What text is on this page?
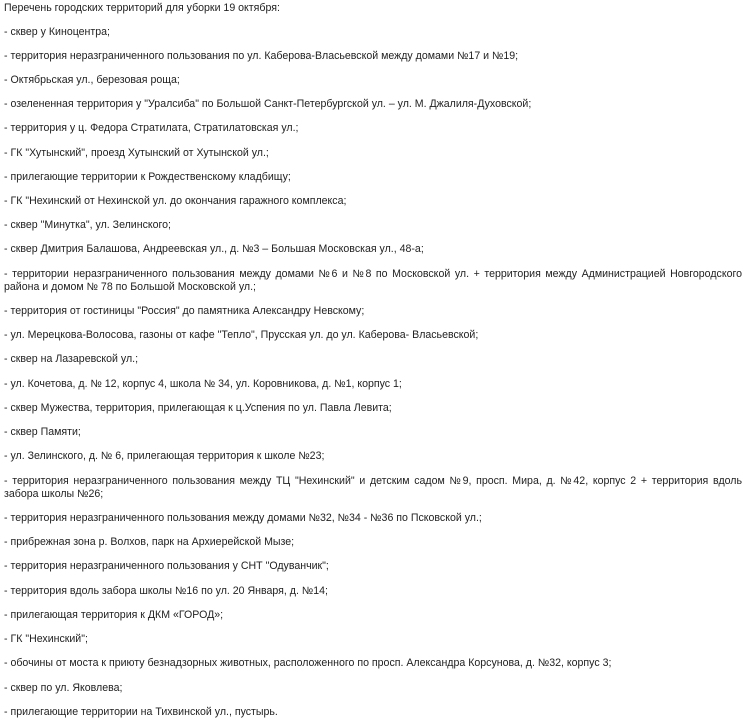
Перечень городских территорий для уборки 19 октября:
- сквер у Киноцентра;
- территория неразграниченного пользования по ул. Каберова-Власьевской между домами №17 и №19;
- Октябрьская ул., березовая роща;
- озелененная территория у "Уралсиба" по Большой Санкт-Петербургской ул. – ул. М. Джалиля-Духовской;
- территория у ц. Федора Стратилата, Стратилатовская ул.;
- ГК "Хутынский", проезд Хутынский от Хутынской ул.;
- прилегающие территории к Рождественскому кладбищу;
- ГК "Нехинский от Нехинской ул. до окончания гаражного комплекса;
- сквер "Минутка", ул. Зелинского;
- сквер Дмитрия Балашова, Андреевская ул., д. №3 – Большая Московская ул., 48-а;
- территории неразграниченного пользования между домами №6 и №8 по Московской ул. + территория между Администрацией Новгородского района и домом № 78 по Большой Московской ул.;
- территория от гостиницы "Россия" до памятника Александру Невскому;
- ул. Мерецкова-Волосова, газоны от кафе "Тепло", Прусская ул. до ул. Каберова- Власьевской;
- сквер на Лазаревской ул.;
- ул. Кочетова, д. № 12, корпус 4, школа № 34, ул. Коровникова, д. №1, корпус 1;
- сквер Мужества, территория, прилегающая к ц.Успения по ул. Павла Левита;
- сквер Памяти;
- ул. Зелинского, д. № 6, прилегающая территория к школе №23;
- территория неразграниченного пользования между ТЦ "Нехинский" и детским садом №9, просп. Мира, д. №42, корпус 2 + территория вдоль забора школы №26;
- территория неразграниченного пользования между домами №32, №34 - №36 по Псковской ул.;
- прибрежная зона р. Волхов, парк на Архиерейской Мызе;
- территория неразграниченного пользования у СНТ "Одуванчик";
- территория вдоль забора школы №16 по ул. 20 Января, д. №14;
- прилегающая территория к ДКМ «ГОРОД»;
- ГК "Нехинский";
- обочины от моста к приюту безнадзорных животных, расположенного по просп. Александра Корсунова, д. №32, корпус 3;
- сквер по ул. Яковлева;
- прилегающие территории на Тихвинской ул., пустырь.
